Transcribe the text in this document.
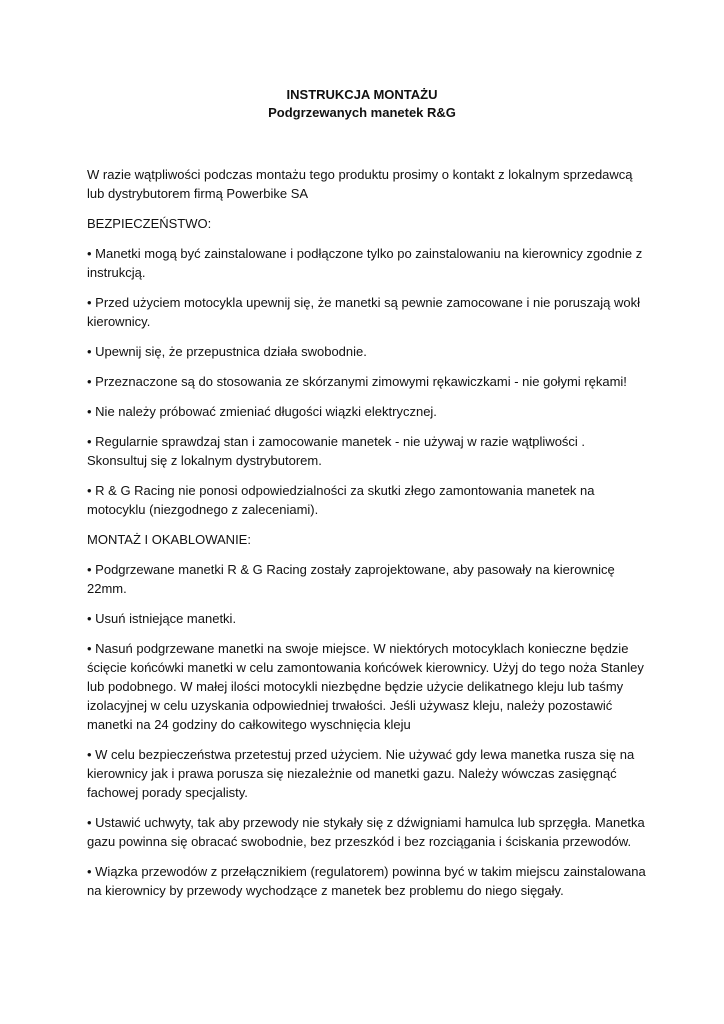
INSTRUKCJA MONTAŻU
Podgrzewanych manetek R&G

W razie wątpliwości podczas montażu tego produktu prosimy o kontakt z lokalnym sprzedawcą lub dystrybutorem firmą Powerbike SA

BEZPIECZEŃSTWO:

• Manetki mogą być zainstalowane i podłączone tylko po zainstalowaniu na kierownicy zgodnie z instrukcją.

• Przed użyciem motocykla upewnij się, że manetki są pewnie zamocowane i nie poruszają wokł kierownicy.

• Upewnij się, że przepustnica działa swobodnie.

• Przeznaczone są do stosowania ze skórzanymi zimowymi rękawiczkami - nie gołymi rękami!

• Nie należy próbować zmieniać długości wiązki elektrycznej.

• Regularnie sprawdzaj stan i zamocowanie manetek - nie używaj w razie wątpliwości . Skonsultuj się z lokalnym dystrybutorem.

• R & G Racing nie ponosi odpowiedzialności za skutki złego zamontowania manetek na motocyklu (niezgodnego z zaleceniami).

MONTAŻ I OKABLOWANIE:

• Podgrzewane manetki R & G Racing zostały zaprojektowane, aby pasowały na kierownicę 22mm.

• Usuń istniejące manetki.

• Nasuń podgrzewane manetki na swoje miejsce. W niektórych motocyklach konieczne będzie ścięcie końcówki manetki w celu zamontowania końcówek kierownicy. Użyj do tego noża Stanley lub podobnego. W małej ilości motocykli niezbędne będzie użycie delikatnego kleju lub taśmy izolacyjnej w celu uzyskania odpowiedniej trwałości. Jeśli używasz kleju, należy pozostawić manetki na 24 godziny do całkowitego wyschnięcia kleju

• W celu bezpieczeństwa przetestuj przed użyciem. Nie używać gdy lewa manetka rusza się na kierownicy jak i prawa porusza się niezależnie od manetki gazu. Należy wówczas zasięgnąć fachowej porady specjalisty.

• Ustawić uchwyty, tak aby przewody nie stykały się z dźwigniami hamulca lub sprzęgła. Manetka gazu powinna się obracać swobodnie, bez przeszkód i bez rozciągania i ściskania przewodów.

• Wiązka przewodów z przełącznikiem (regulatorem) powinna być w takim miejscu zainstalowana na kierownicy by przewody wychodzące z manetek bez problemu do niego sięgały.
